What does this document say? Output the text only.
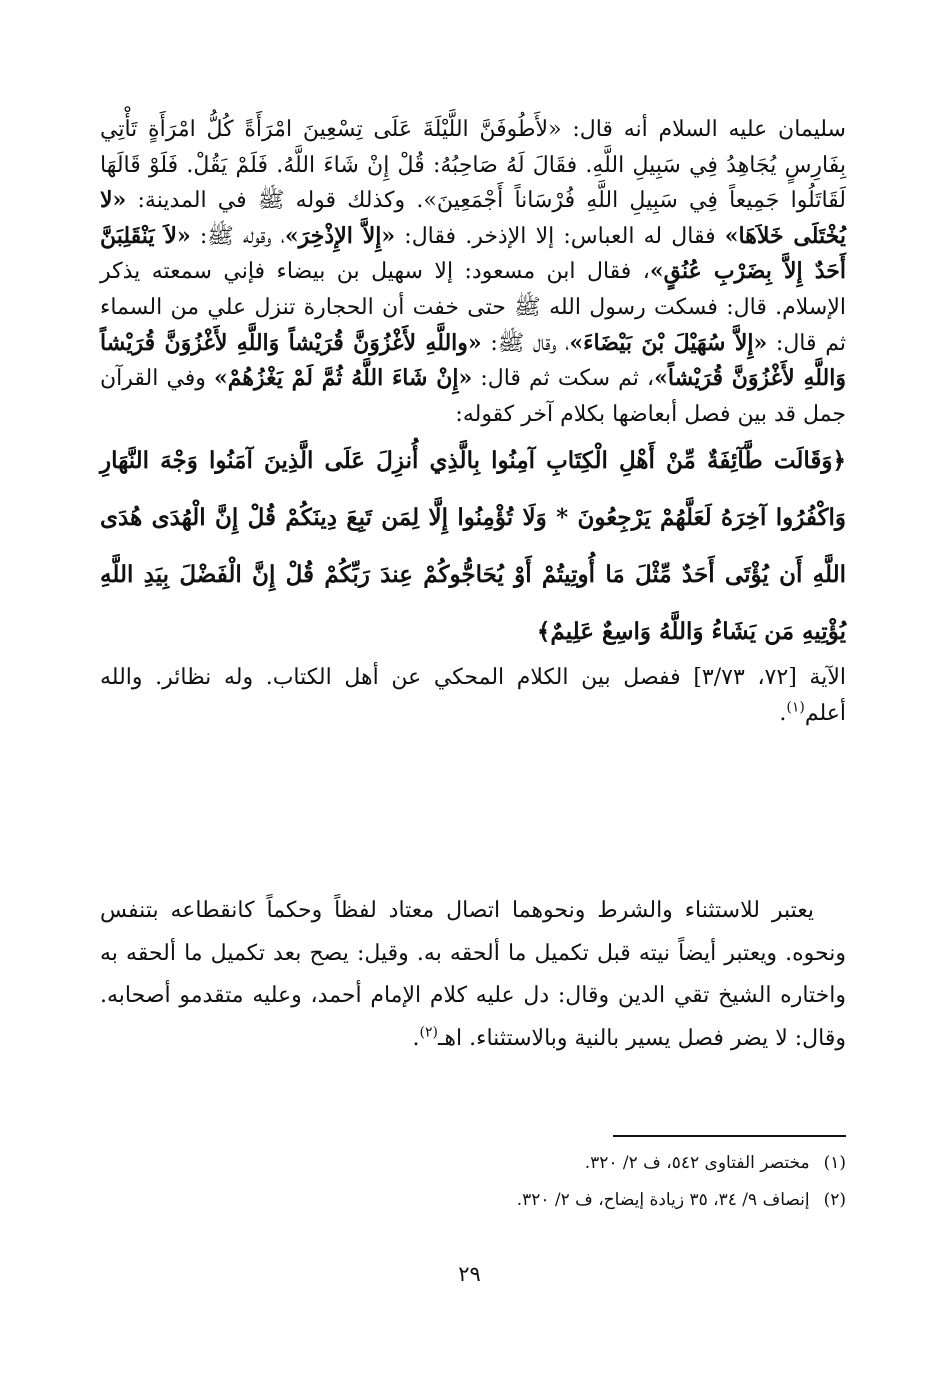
سليمان عليه السلام أنه قال: «لأَطُوفَنَّ اللَّيْلَةَ عَلَى تِسْعِينَ امْرَأَةً كُلُّ امْرَأَةٍ تَأْتِي بِفَارِسٍ يُجَاهِدُ فِي سَبِيلِ اللَّهِ. فقَالَ لَهُ صَاحِبُهُ: قُلْ إِنْ شَاءَ اللَّهُ. فَلَمْ يَقُلْ. فَلَوْ قَالَهَا لَقَاتَلُوا جَمِيعاً فِي سَبِيلِ اللَّهِ فُرْسَاناً أَجْمَعِينَ». وكذلك قوله ﷺ في المدينة: «لا يُخْتَلَى خَلاَهَا» فقال له العباس: إلا الإذخر. فقال: «إِلاَّ الإِذْخِرَ»، وقوله ﷺ: «لاَ يَنْقَلِبَنَّ أَحَدٌ إِلاَّ بِضَرْبِ عُنُقٍ»، فقال ابن مسعود: إلا سهيل بن بيضاء فإني سمعته يذكر الإسلام. قال: فسكت رسول الله ﷺ حتى خفت أن الحجارة تنزل علي من السماء ثم قال: «إِلاَّ سُهَيْلَ بْنَ بَيْضَاءَ»، وقال ﷺ: «واللَّهِ لأَغْزُوَنَّ قُرَيْشاً وَاللَّهِ لأَغْزُوَنَّ قُرَيْشاً وَاللَّهِ لأَغْزُوَنَّ قُرَيْشاً»، ثم سكت ثم قال: «إِنْ شَاءَ اللَّهُ ثُمَّ لَمْ يَغْزُهُمْ» وفي القرآن جمل قد بين فصل أبعاضها بكلام آخر كقوله:
﴿وَقَالَت طَّآئِفَةٌ مِّنْ أَهْلِ الْكِتَابِ آمِنُوا بِالَّذِي أُنزِلَ عَلَى الَّذِينَ آمَنُوا وَجْهَ النَّهَارِ وَاكْفُرُوا آخِرَهُ لَعَلَّهُمْ يَرْجِعُونَ * وَلَا تُؤْمِنُوا إِلَّا لِمَن تَبِعَ دِينَكُمْ قُلْ إِنَّ الْهُدَى هُدَى اللَّهِ أَن يُؤْتَى أَحَدٌ مِّثْلَ مَا أُوتِيتُمْ أَوْ يُحَاجُّوكُمْ عِندَ رَبِّكُمْ قُلْ إِنَّ الْفَضْلَ بِيَدِ اللَّهِ يُؤْتِيهِ مَن يَشَاءُ وَاللَّهُ وَاسِعٌ عَلِيمٌ﴾
الآية [٧٢، ٣/٧٣] ففصل بين الكلام المحكي عن أهل الكتاب. وله نظائر. والله أعلم$^{(١)}$.
يعتبر للاستثناء والشرط ونحوهما اتصال معتاد لفظاً وحكماً كانقطاعه بتنفس ونحوه. ويعتبر أيضاً نيته قبل تكميل ما ألحقه به. وقيل: يصح بعد تكميل ما ألحقه به واختاره الشيخ تقي الدين وقال: دل عليه كلام الإمام أحمد، وعليه متقدمو أصحابه. وقال: لا يضر فصل يسير بالنية وبالاستثناء. اهـ$^{(٢)}$.
(١)مختصر الفتاوى ٥٤٢، ف ٢/ ٣٢٠.
(٢)إنصاف ٩/ ٣٤، ٣٥ زيادة إيضاح، ف ٢/ ٣٢٠.
٢٩
